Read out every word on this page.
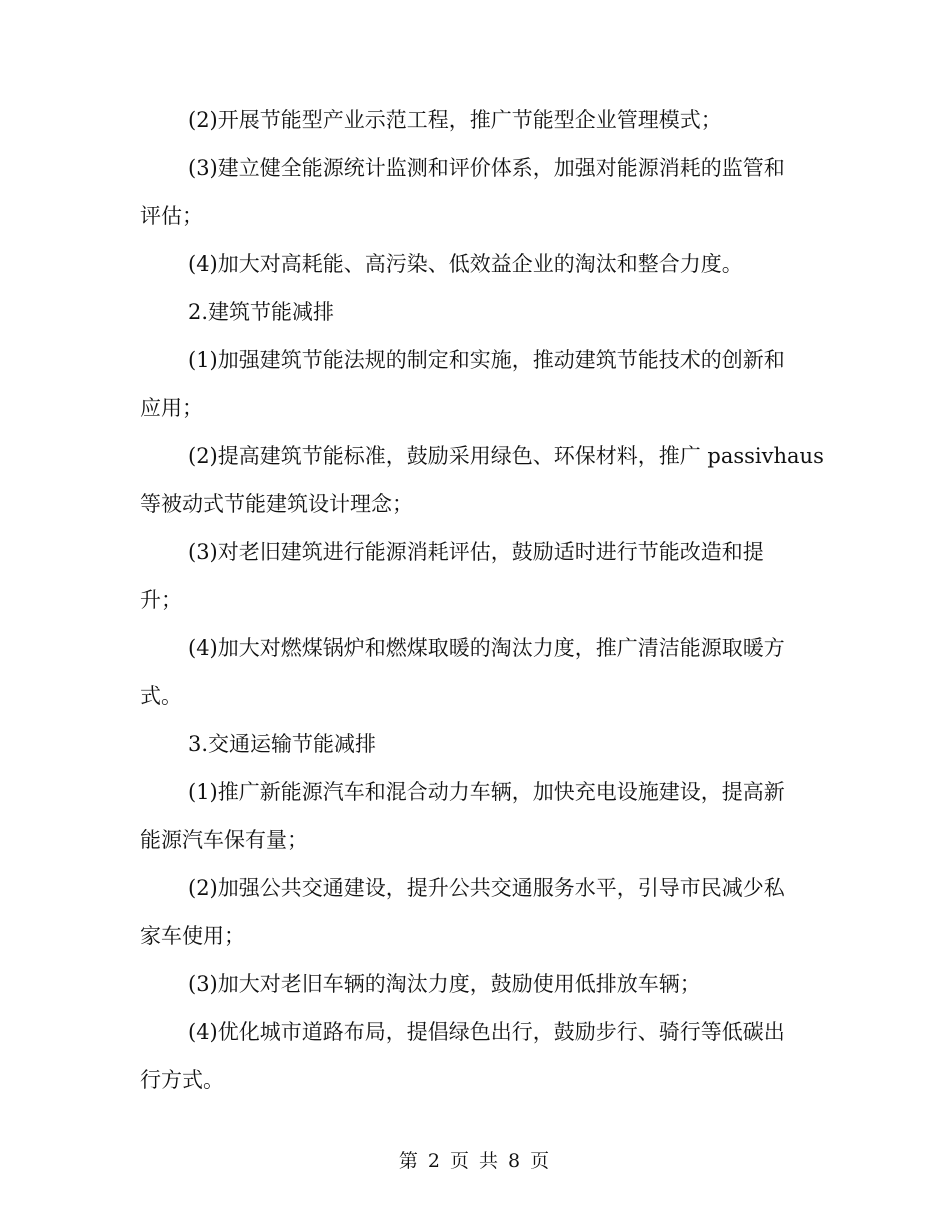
(2)开展节能型产业示范工程，推广节能型企业管理模式；
(3)建立健全能源统计监测和评价体系，加强对能源消耗的监管和
评估；
(4)加大对高耗能、高污染、低效益企业的淘汰和整合力度。
2.建筑节能减排
(1)加强建筑节能法规的制定和实施，推动建筑节能技术的创新和
应用；
(2)提高建筑节能标准，鼓励采用绿色、环保材料，推广 passivhaus
等被动式节能建筑设计理念；
(3)对老旧建筑进行能源消耗评估，鼓励适时进行节能改造和提
升；
(4)加大对燃煤锅炉和燃煤取暖的淘汰力度，推广清洁能源取暖方
式。
3.交通运输节能减排
(1)推广新能源汽车和混合动力车辆，加快充电设施建设，提高新
能源汽车保有量；
(2)加强公共交通建设，提升公共交通服务水平，引导市民减少私
家车使用；
(3)加大对老旧车辆的淘汰力度，鼓励使用低排放车辆；
(4)优化城市道路布局，提倡绿色出行，鼓励步行、骑行等低碳出
行方式。
第 2 页 共 8 页
